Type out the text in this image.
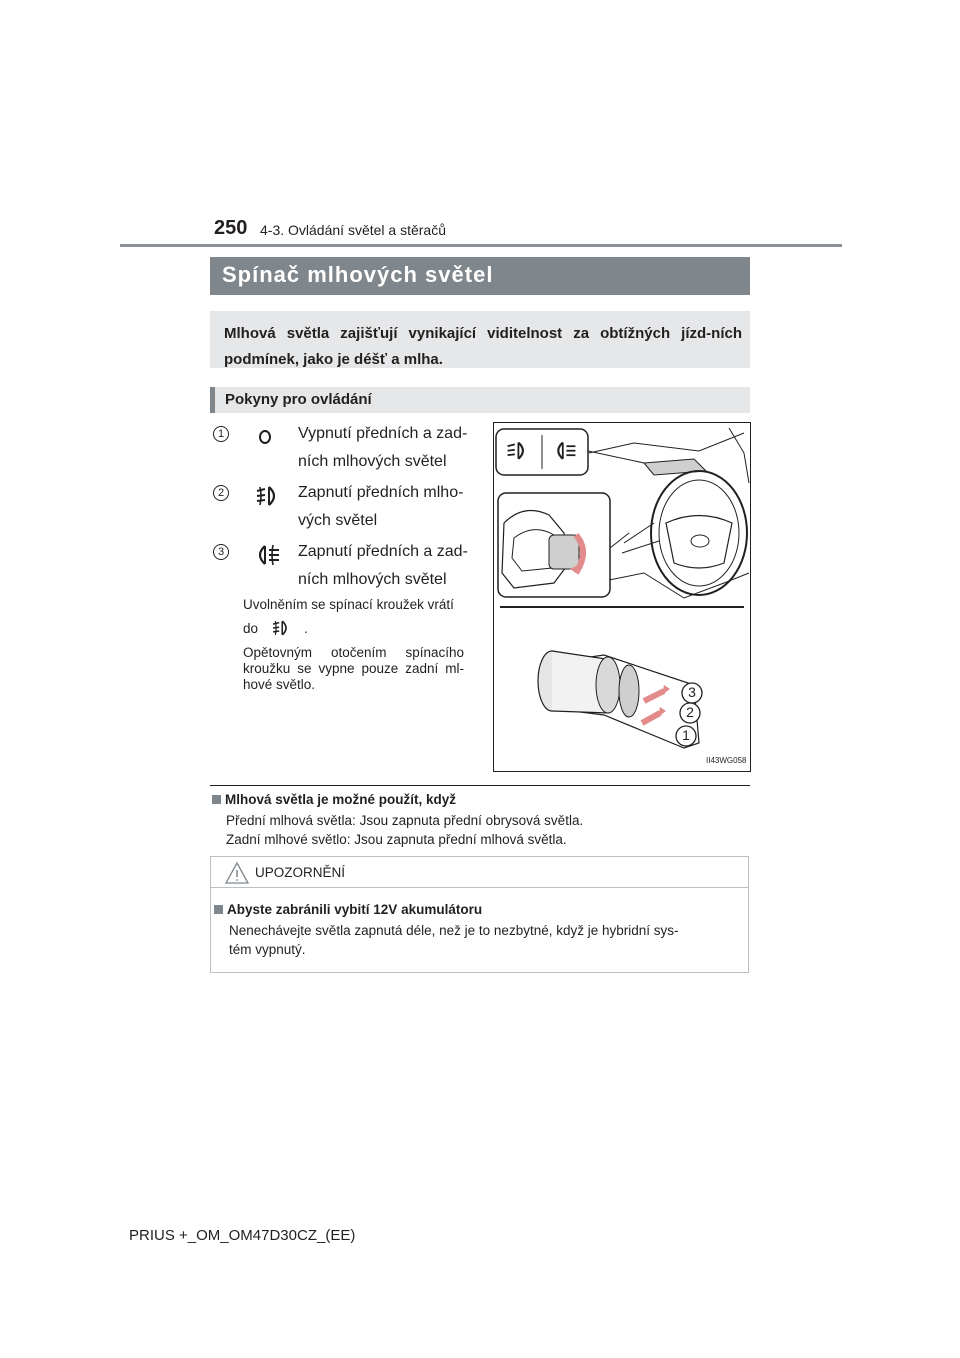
250 4-3. Ovládání světel a stěračů
Spínač mlhových světel

Mlhová světla zajišťují vynikající viditelnost za obtížných jízd-ních podmínek, jako je déšť a mlha.

Pokyny pro ovládání
1	Vypnutí předních a zad-
ních mlhových světel
2	Zapnutí předních mlho-
vých světel
3	Zapnutí předních a zad-
ních mlhových světel
Uvolněním se spínací kroužek vrátí
do	.
Opětovným otočením spínacího
kroužku se vypne pouze zadní ml-
hové světlo.	3
2
1
II43WG058
Mlhová světla je možné použít, když
Přední mlhová světla: Jsou zapnuta přední obrysová světla.
Zadní mlhové světlo: Jsou zapnuta přední mlhová světla.
UPOZORNĚNÍ
Abyste zabránili vybití 12V akumulátoru
Nenechávejte světla zapnutá déle, než je to nezbytné, když je hybridní sys-
tém vypnutý.
PRIUS +_OM_OM47D30CZ_(EE)
